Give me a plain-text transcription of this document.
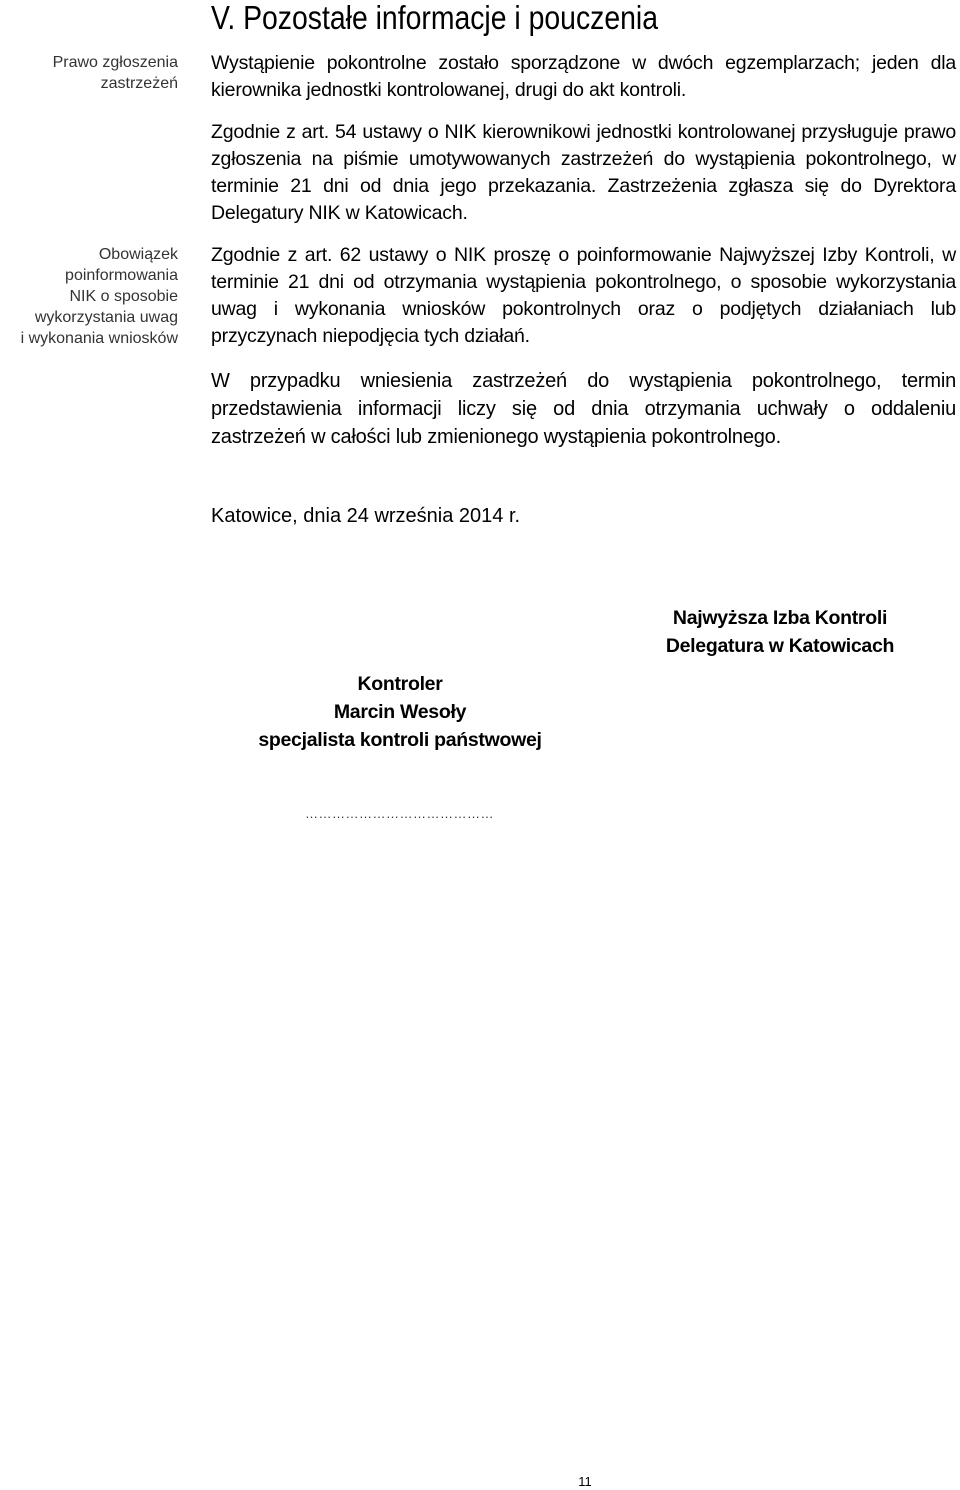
Prawo zgłoszenia
zastrzeżeń
Obowiązek
poinformowania
NIK o sposobie
wykorzystania uwag
i wykonania wniosków
V. Pozostałe informacje i pouczenia

Wystąpienie pokontrolne zostało sporządzone w dwóch egzemplarzach; jeden dla kierownika jednostki kontrolowanej, drugi do akt kontroli.

Zgodnie z art. 54 ustawy o NIK kierownikowi jednostki kontrolowanej przysługuje prawo zgłoszenia na piśmie umotywowanych zastrzeżeń do wystąpienia pokontrolnego, w terminie 21 dni od dnia jego przekazania. Zastrzeżenia zgłasza się do Dyrektora Delegatury NIK w Katowicach.

Zgodnie z art. 62 ustawy o NIK proszę o poinformowanie Najwyższej Izby Kontroli, w terminie 21 dni od otrzymania wystąpienia pokontrolnego, o sposobie wykorzystania uwag i wykonania wniosków pokontrolnych oraz o podjętych działaniach lub przyczynach niepodjęcia tych działań.

W przypadku wniesienia zastrzeżeń do wystąpienia pokontrolnego, termin przedstawienia informacji liczy się od dnia otrzymania uchwały o oddaleniu zastrzeżeń w całości lub zmienionego wystąpienia pokontrolnego.

Katowice, dnia 24 września 2014 r.

Najwyższa Izba Kontroli
Delegatura w Katowicach
Kontroler
Marcin Wesoły
specjalista kontroli państwowej
……………………………………
11
